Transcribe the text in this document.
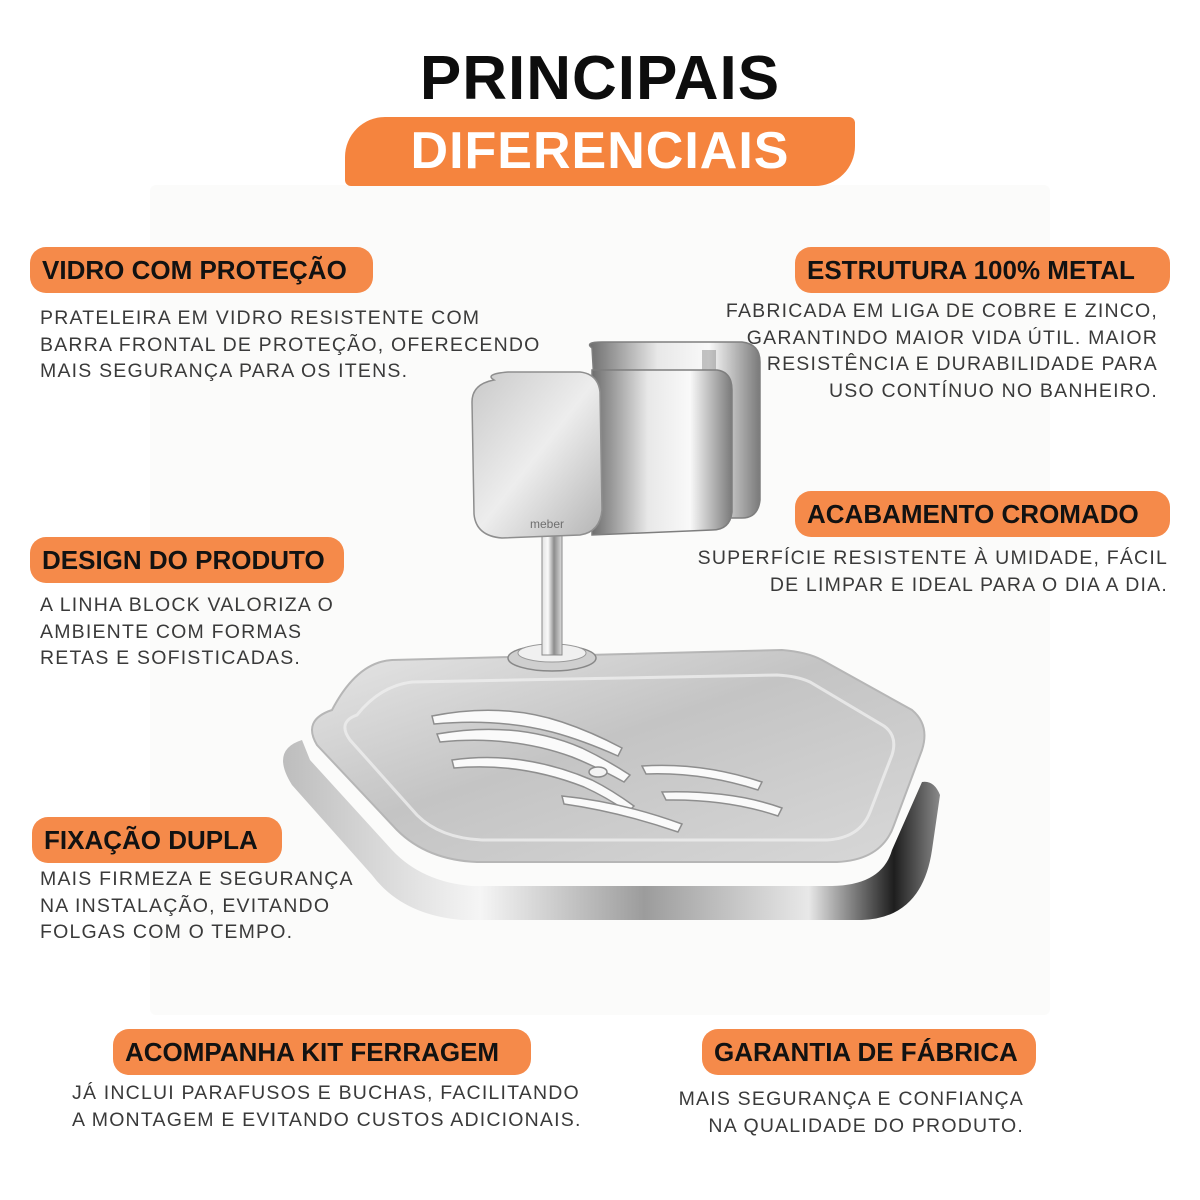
PRINCIPAIS
DIFERENCIAIS
meber
VIDRO COM PROTEÇÃO
PRATELEIRA EM VIDRO RESISTENTE COM
BARRA FRONTAL DE PROTEÇÃO, OFERECENDO
MAIS SEGURANÇA PARA OS ITENS.
ESTRUTURA 100% METAL
FABRICADA EM LIGA DE COBRE E ZINCO,
GARANTINDO MAIOR VIDA ÚTIL. MAIOR
RESISTÊNCIA E DURABILIDADE PARA
USO CONTÍNUO NO BANHEIRO.
DESIGN DO PRODUTO
A LINHA BLOCK VALORIZA O
AMBIENTE COM FORMAS
RETAS E SOFISTICADAS.
ACABAMENTO CROMADO
SUPERFÍCIE RESISTENTE À UMIDADE, FÁCIL
DE LIMPAR E IDEAL PARA O DIA A DIA.
FIXAÇÃO DUPLA
MAIS FIRMEZA E SEGURANÇA
NA INSTALAÇÃO, EVITANDO
FOLGAS COM O TEMPO.
ACOMPANHA KIT FERRAGEM
JÁ INCLUI PARAFUSOS E BUCHAS, FACILITANDO
A MONTAGEM E EVITANDO CUSTOS ADICIONAIS.
GARANTIA DE FÁBRICA
MAIS SEGURANÇA E CONFIANÇA
NA QUALIDADE DO PRODUTO.
